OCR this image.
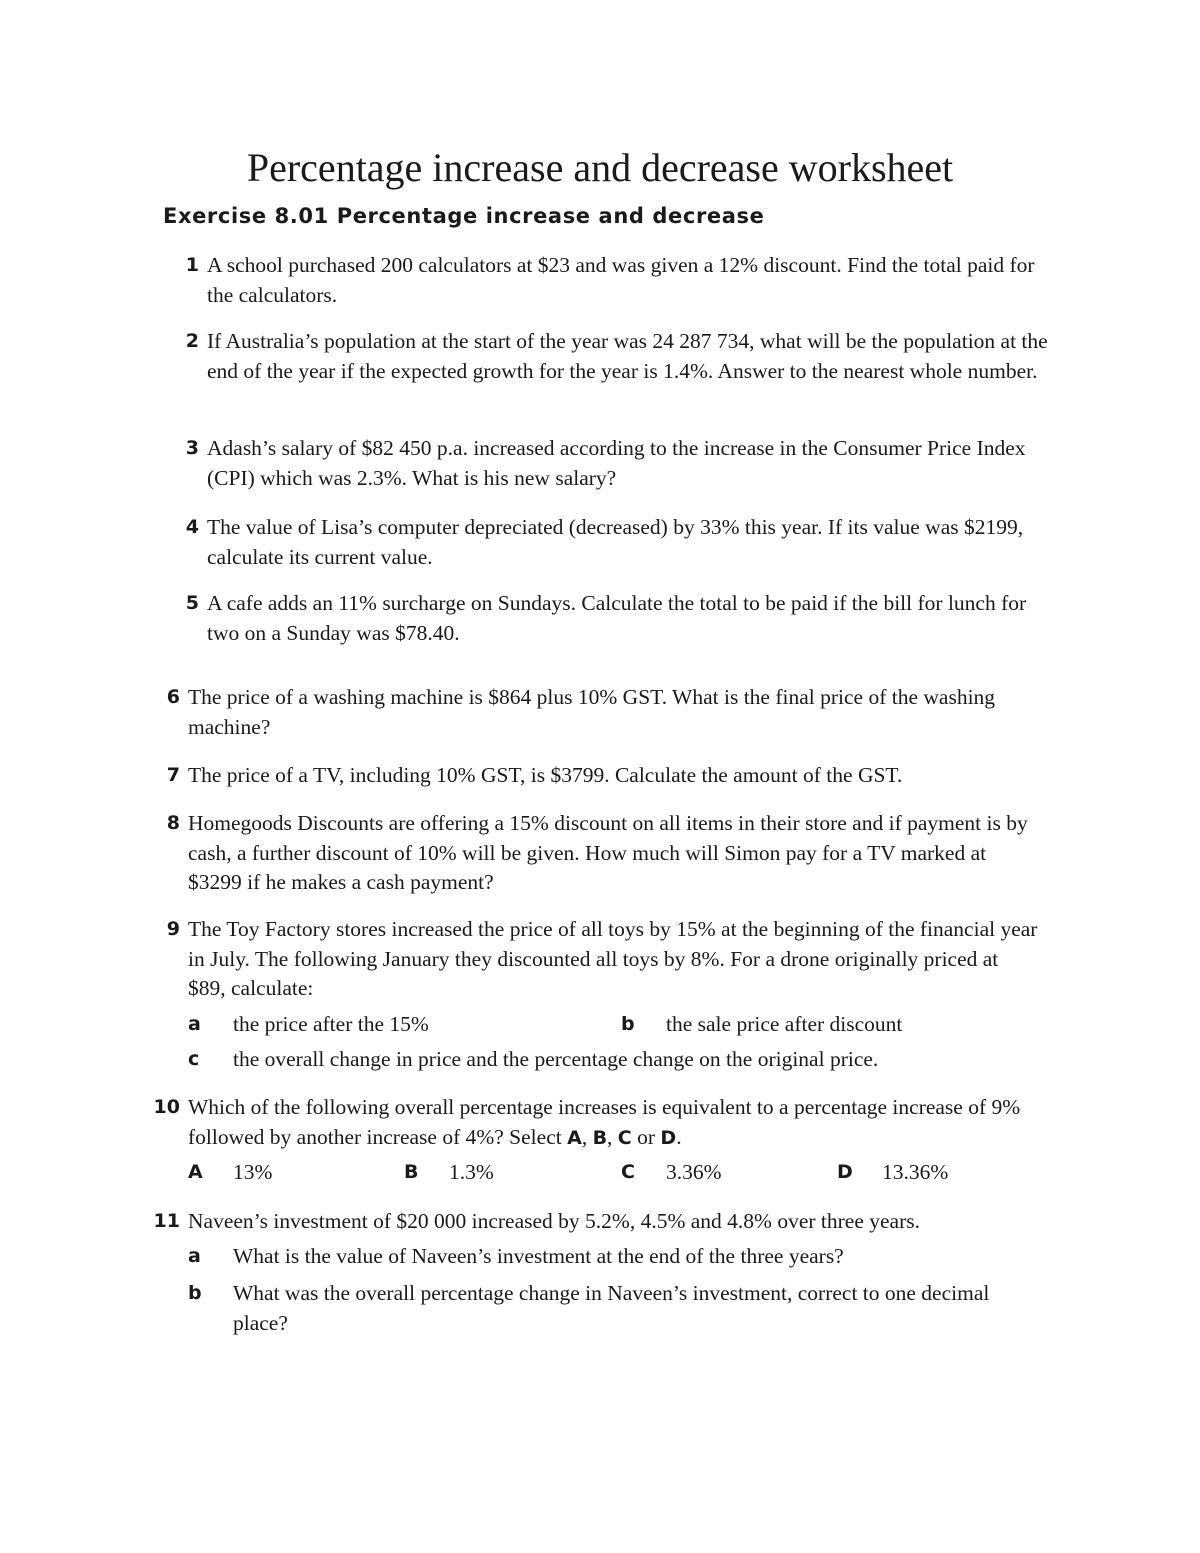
Percentage increase and decrease worksheet
Exercise 8.01 Percentage increase and decrease
1 A school purchased 200 calculators at $23 and was given a 12% discount. Find the total paid for the calculators.
2 If Australia’s population at the start of the year was 24 287 734, what will be the population at the end of the year if the expected growth for the year is 1.4%. Answer to the nearest whole number.
3 Adash’s salary of $82 450 p.a. increased according to the increase in the Consumer Price Index (CPI) which was 2.3%. What is his new salary?
4 The value of Lisa’s computer depreciated (decreased) by 33% this year. If its value was $2199, calculate its current value.
5 A cafe adds an 11% surcharge on Sundays. Calculate the total to be paid if the bill for lunch for two on a Sunday was $78.40.
6 The price of a washing machine is $864 plus 10% GST. What is the final price of the washing machine?
7 The price of a TV, including 10% GST, is $3799. Calculate the amount of the GST.
8 Homegoods Discounts are offering a 15% discount on all items in their store and if payment is by cash, a further discount of 10% will be given. How much will Simon pay for a TV marked at $3299 if he makes a cash payment?
9 The Toy Factory stores increased the price of all toys by 15% at the beginning of the financial year in July. The following January they discounted all toys by 8%. For a drone originally priced at $89, calculate:
a the price after the 15%	b the sale price after discount
c the overall change in price and the percentage change on the original price.
10 Which of the following overall percentage increases is equivalent to a percentage increase of 9% followed by another increase of 4%? Select A, B, C or D.
A 13%	B 1.3%	C 3.36%	D 13.36%
11 Naveen’s investment of $20 000 increased by 5.2%, 4.5% and 4.8% over three years.
a What is the value of Naveen’s investment at the end of the three years?
b What was the overall percentage change in Naveen’s investment, correct to one decimal place?
